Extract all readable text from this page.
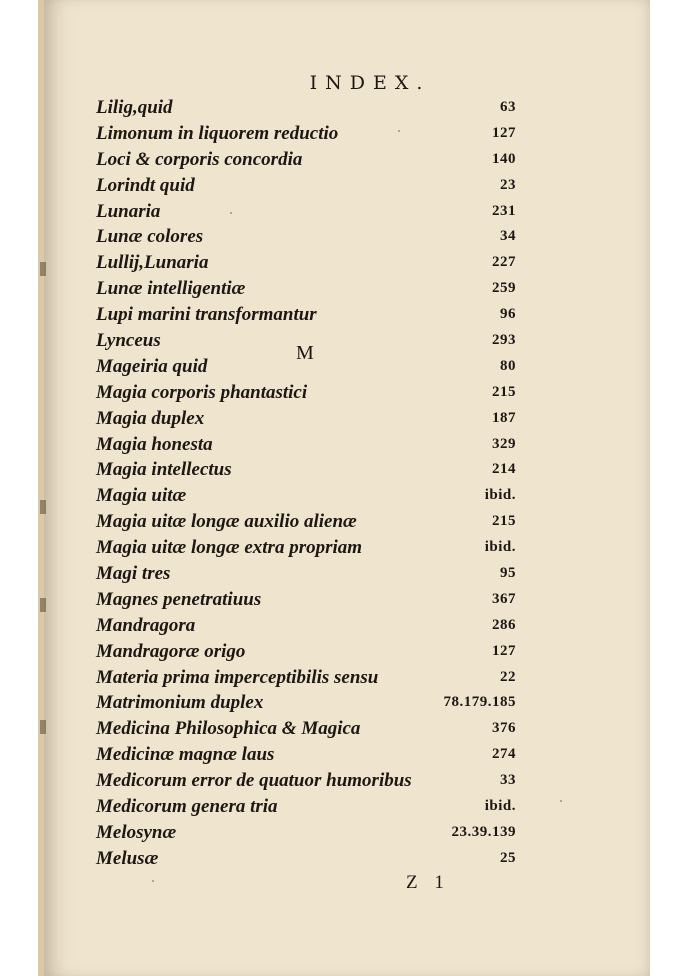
INDEX.
M
Lilig,quid	63
Limonum in liquorem reductio	127
Loci & corporis concordia	140
Lorindt quid	23
Lunaria	231
Lunæ colores	34
Lullij,Lunaria	227
Lunæ intelligentiæ	259
Lupi marini transformantur	96
Lynceus	293
Mageiria quid	80
Magia corporis phantastici	215
Magia duplex	187
Magia honesta	329
Magia intellectus	214
Magia uitæ	ibid.
Magia uitæ longæ auxilio alienæ	215
Magia uitæ longæ extra propriam	ibid.
Magi tres	95
Magnes penetratiuus	367
Mandragora	286
Mandragoræ origo	127
Materia prima imperceptibilis sensu	22
Matrimonium duplex	78.179.185
Medicina Philosophica & Magica	376
Medicinæ magnæ laus	274
Medicorum error de quatuor humoribus	33
Medicorum genera tria	ibid.
Melosynæ	23.39.139
Melusæ	25
Z 1
